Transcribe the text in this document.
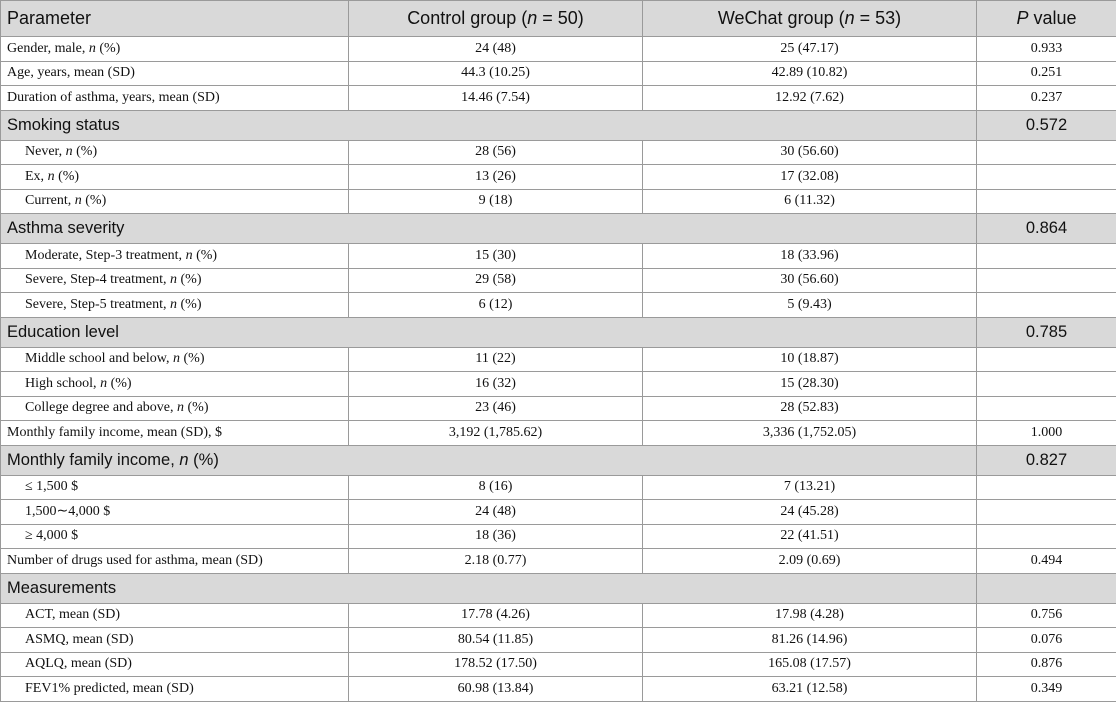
Parameter	Control group (n = 50)	WeChat group (n = 53)	P value
Gender, male, n (%)	24 (48)	25 (47.17)	0.933
Age, years, mean (SD)	44.3 (10.25)	42.89 (10.82)	0.251
Duration of asthma, years, mean (SD)	14.46 (7.54)	12.92 (7.62)	0.237
Smoking status			0.572
Never, n (%)	28 (56)	30 (56.60)	
Ex, n (%)	13 (26)	17 (32.08)	
Current, n (%)	9 (18)	6 (11.32)	
Asthma severity			0.864
Moderate, Step-3 treatment, n (%)	15 (30)	18 (33.96)	
Severe, Step-4 treatment, n (%)	29 (58)	30 (56.60)	
Severe, Step-5 treatment, n (%)	6 (12)	5 (9.43)	
Education level			0.785
Middle school and below, n (%)	11 (22)	10 (18.87)	
High school, n (%)	16 (32)	15 (28.30)	
College degree and above, n (%)	23 (46)	28 (52.83)	
Monthly family income, mean (SD), $	3,192 (1,785.62)	3,336 (1,752.05)	1.000
Monthly family income, n (%)			0.827
≤ 1,500 $	8 (16)	7 (13.21)	
1,500∼4,000 $	24 (48)	24 (45.28)	
≥ 4,000 $	18 (36)	22 (41.51)	
Number of drugs used for asthma, mean (SD)	2.18 (0.77)	2.09 (0.69)	0.494
Measurements			
ACT, mean (SD)	17.78 (4.26)	17.98 (4.28)	0.756
ASMQ, mean (SD)	80.54 (11.85)	81.26 (14.96)	0.076
AQLQ, mean (SD)	178.52 (17.50)	165.08 (17.57)	0.876
FEV1% predicted, mean (SD)	60.98 (13.84)	63.21 (12.58)	0.349
